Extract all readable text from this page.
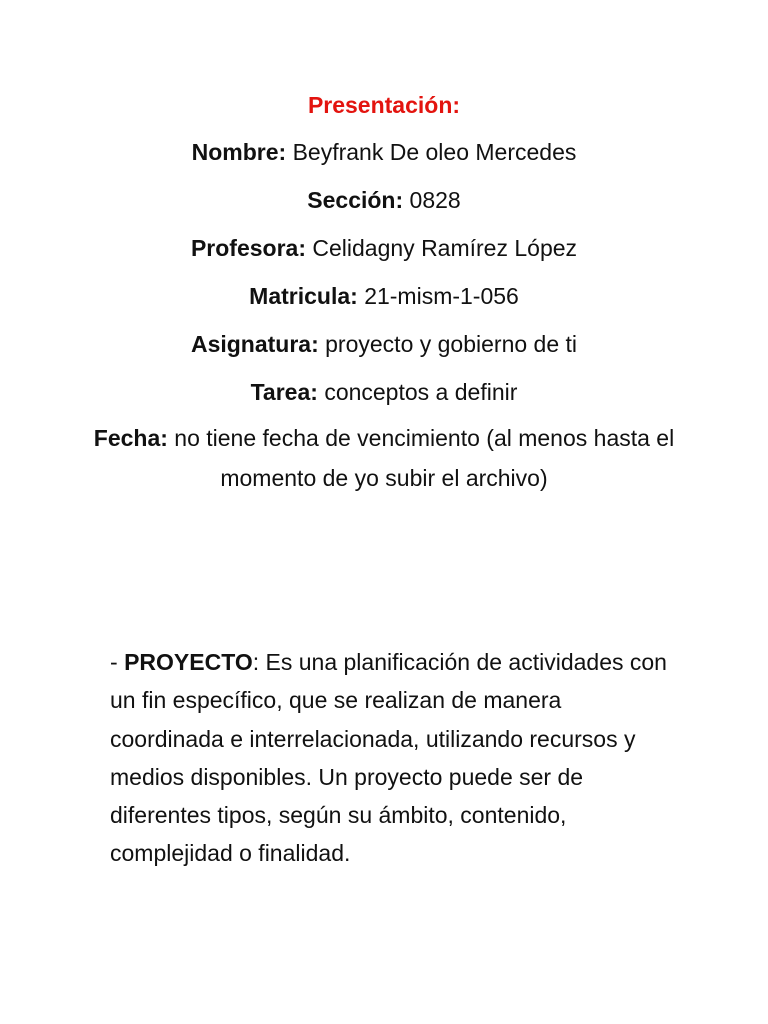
Presentación:

Nombre: Beyfrank De oleo Mercedes

Sección: 0828

Profesora: Celidagny Ramírez López

Matricula: 21-mism-1-056

Asignatura: proyecto y gobierno de ti

Tarea: conceptos a definir

Fecha: no tiene fecha de vencimiento (al menos hasta el momento de yo subir el archivo)

- PROYECTO: Es una planificación de actividades con un fin específico, que se realizan de manera coordinada e interrelacionada, utilizando recursos y medios disponibles. Un proyecto puede ser de diferentes tipos, según su ámbito, contenido, complejidad o finalidad.
